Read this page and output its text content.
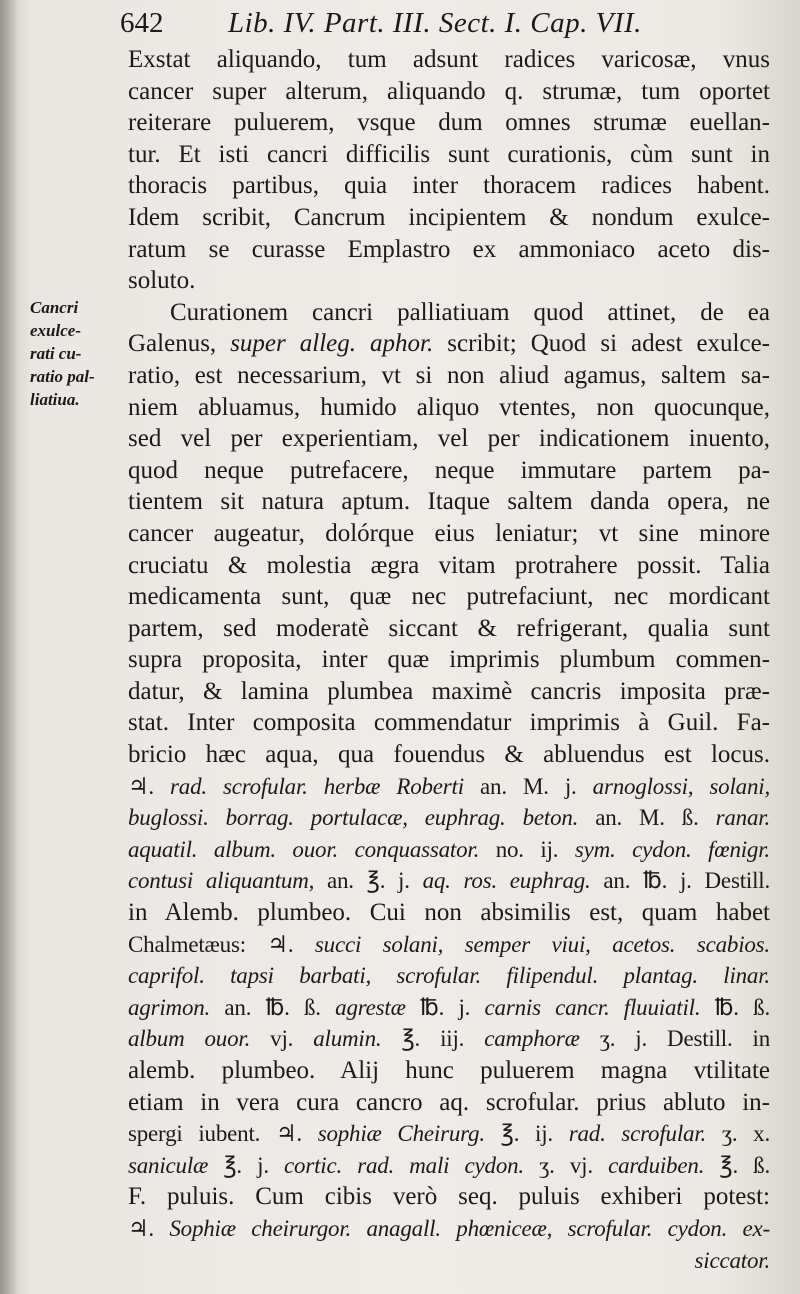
642 Lib. IV. Part. III. Sect. I. Cap. VII.
Cancri
exulce-
rati cu-
ratio pal-
liatiua.
Exstat aliquando, tum adsunt radices varicosæ, vnus
cancer super alterum, aliquando q. strumæ, tum oportet
reiterare puluerem, vsque dum omnes strumæ euellan-
tur. Et isti cancri difficilis sunt curationis, cùm sunt in
thoracis partibus, quia inter thoracem radices habent.
Idem scribit, Cancrum incipientem & nondum exulce-
ratum se curasse Emplastro ex ammoniaco aceto dis-
soluto.
Curationem cancri palliatiuam quod attinet, de ea
Galenus, super alleg. aphor. scribit; Quod si adest exulce-
ratio, est necessarium, vt si non aliud agamus, saltem sa-
niem abluamus, humido aliquo vtentes, non quocunque,
sed vel per experientiam, vel per indicationem inuento,
quod neque putrefacere, neque immutare partem pa-
tientem sit natura aptum. Itaque saltem danda opera, ne
cancer augeatur, dolórque eius leniatur; vt sine minore
cruciatu & molestia ægra vitam protrahere possit. Talia
medicamenta sunt, quæ nec putrefaciunt, nec mordicant
partem, sed moderatè siccant & refrigerant, qualia sunt
supra proposita, inter quæ imprimis plumbum commen-
datur, & lamina plumbea maximè cancris imposita præ-
stat. Inter composita commendatur imprimis à Guil. Fa-
bricio hæc aqua, qua fouendus & abluendus est locus.
♃. rad. scrofular. herbæ Roberti an. M. j. arnoglossi, solani,
buglossi. borrag. portulacæ, euphrag. beton. an. M. ß. ranar.
aquatil. album. ouor. conquassator. no. ij. sym. cydon. fœnigr.
contusi aliquantum, an. ℥. j. aq. ros. euphrag. an. ℔. j. Destill.
in Alemb. plumbeo. Cui non absimilis est, quam habet
Chalmetæus: ♃. succi solani, semper viui, acetos. scabios.
caprifol. tapsi barbati, scrofular. filipendul. plantag. linar.
agrimon. an. ℔. ß. agrestæ ℔. j. carnis cancr. fluuiatil. ℔. ß.
album ouor. vj. alumin. ℥. iij. camphoræ ʒ. j. Destill. in
alemb. plumbeo. Alij hunc puluerem magna vtilitate
etiam in vera cura cancro aq. scrofular. prius abluto in-
spergi iubent. ♃. sophiæ Cheirurg. ℥. ij. rad. scrofular. ʒ. x.
saniculæ ℥. j. cortic. rad. mali cydon. ʒ. vj. carduiben. ℥. ß.
F. puluis. Cum cibis verò seq. puluis exhiberi potest:
♃. Sophiæ cheirurgor. anagall. phœniceæ, scrofular. cydon. ex-
siccator.
